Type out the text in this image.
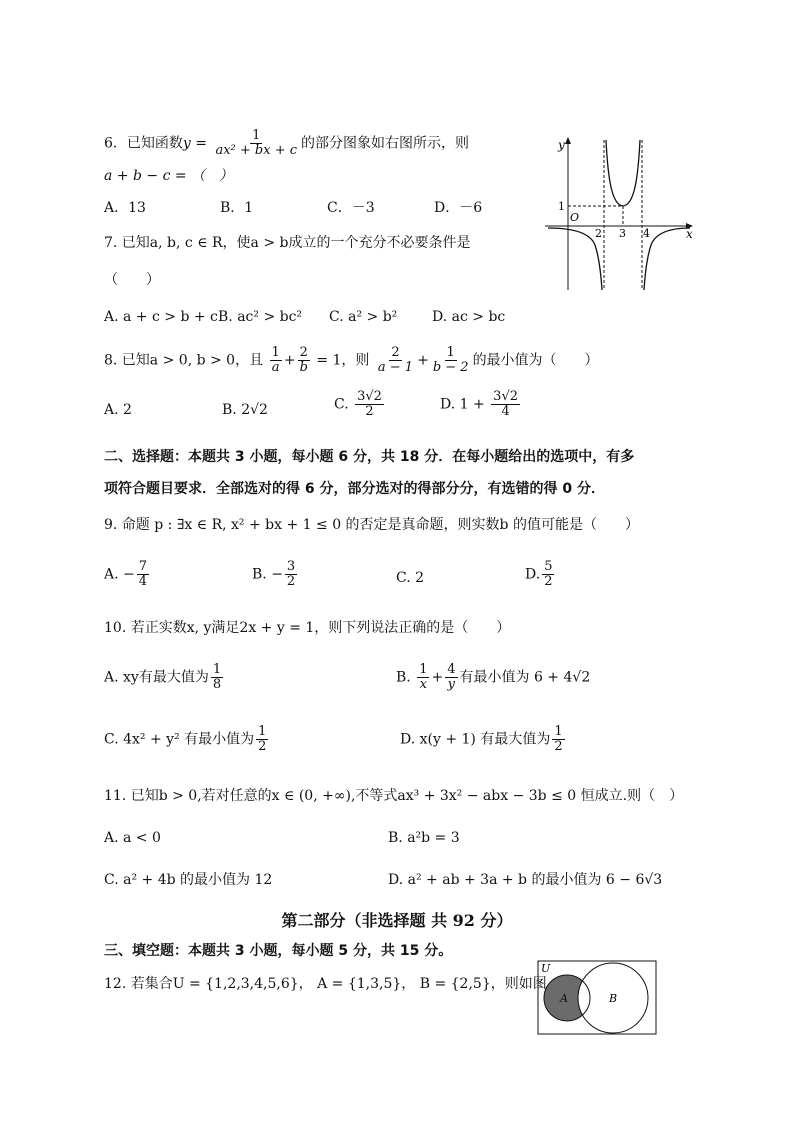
6．已知函数$y = \frac{1}{\text{ax² + bx + c}}$ 的部分图象如右图所示，则
a + b − c = （　）
A．13	B．1	C．－3	D．－6
y
x
O
1
2 3 4
7. 已知a, b, c ∈ R，使a > b成立的一个充分不必要条件是
（　　）
A. a + c > b + c B. ac² > bc² C. a² > b² D. ac > bc
8. 已知a > 0, b > 0，且 $\frac{1}{a} + \frac{2}{b} = 1$，则 $\frac{2}{a - 1} + \frac{1}{b - 2}$ 的最小值为（　　）
A. 2	B. 2√2	C. $\frac{3√2}{2}$	D. $1 + \frac{3√2}{4}$
二、选择题：本题共 3 小题，每小题 6 分，共 18 分．在每小题给出的选项中，有多
项符合题目要求．全部选对的得 6 分，部分选对的得部分分，有选错的得 0 分．
9. 命题 p : ∃x ∈ R, x² + bx + 1 ≤ 0 的否定是真命题，则实数b 的值可能是（　　）
A. − $\frac{7}{4}$	B. − $\frac{3}{2}$	C. 2	D. $\frac{5}{2}$
10. 若正实数x, y满足2x + y = 1，则下列说法正确的是（　　）
A. xy有最大值为 $\frac{1}{8}$	B. $\frac{1}{x} + \frac{4}{y}$ 有最小值为 6 + 4√2
C. 4x² + y² 有最小值为 $\frac{1}{2}$	D. x(y + 1) 有最大值为 $\frac{1}{2}$
11. 已知b > 0,若对任意的x ∈ (0, +∞),不等式ax³ + 3x² − abx − 3b ≤ 0 恒成立.则（　）
A. a < 0	B. a²b = 3
C. a² + 4b 的最小值为 12	D. a² + ab + 3a + b 的最小值为 6 − 6√3
第二部分（非选择题 共 92 分）
三、填空题：本题共 3 小题，每小题 5 分，共 15 分。
12. 若集合U = {1,2,3,4,5,6}， A = {1,3,5}， B = {2,5}，则如图
U
A	B
